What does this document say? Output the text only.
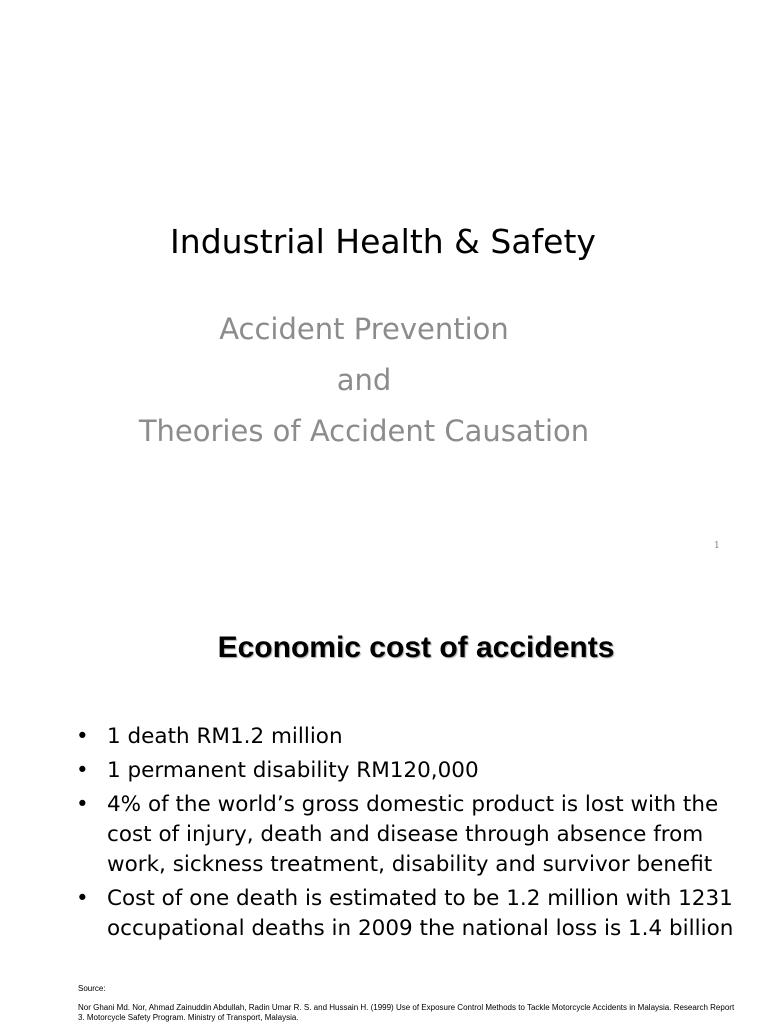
Industrial Health & Safety
Accident Prevention
and
Theories of Accident Causation
1
Economic cost of accidents
• 1 death RM1.2 million
• 1 permanent disability RM120,000
• 4% of the world’s gross domestic product is lost with the cost of injury, death and disease through absence from work, sickness treatment, disability and survivor benefit
• Cost of one death is estimated to be 1.2 million with 1231 occupational deaths in 2009 the national loss is 1.4 billion
Source:
Nor Ghani Md. Nor, Ahmad Zainuddin Abdullah, Radin Umar R. S. and Hussain H. (1999) Use of Exposure Control Methods to Tackle Motorcycle Accidents in Malaysia. Research Report 3. Motorcycle Safety Program. Ministry of Transport, Malaysia.
